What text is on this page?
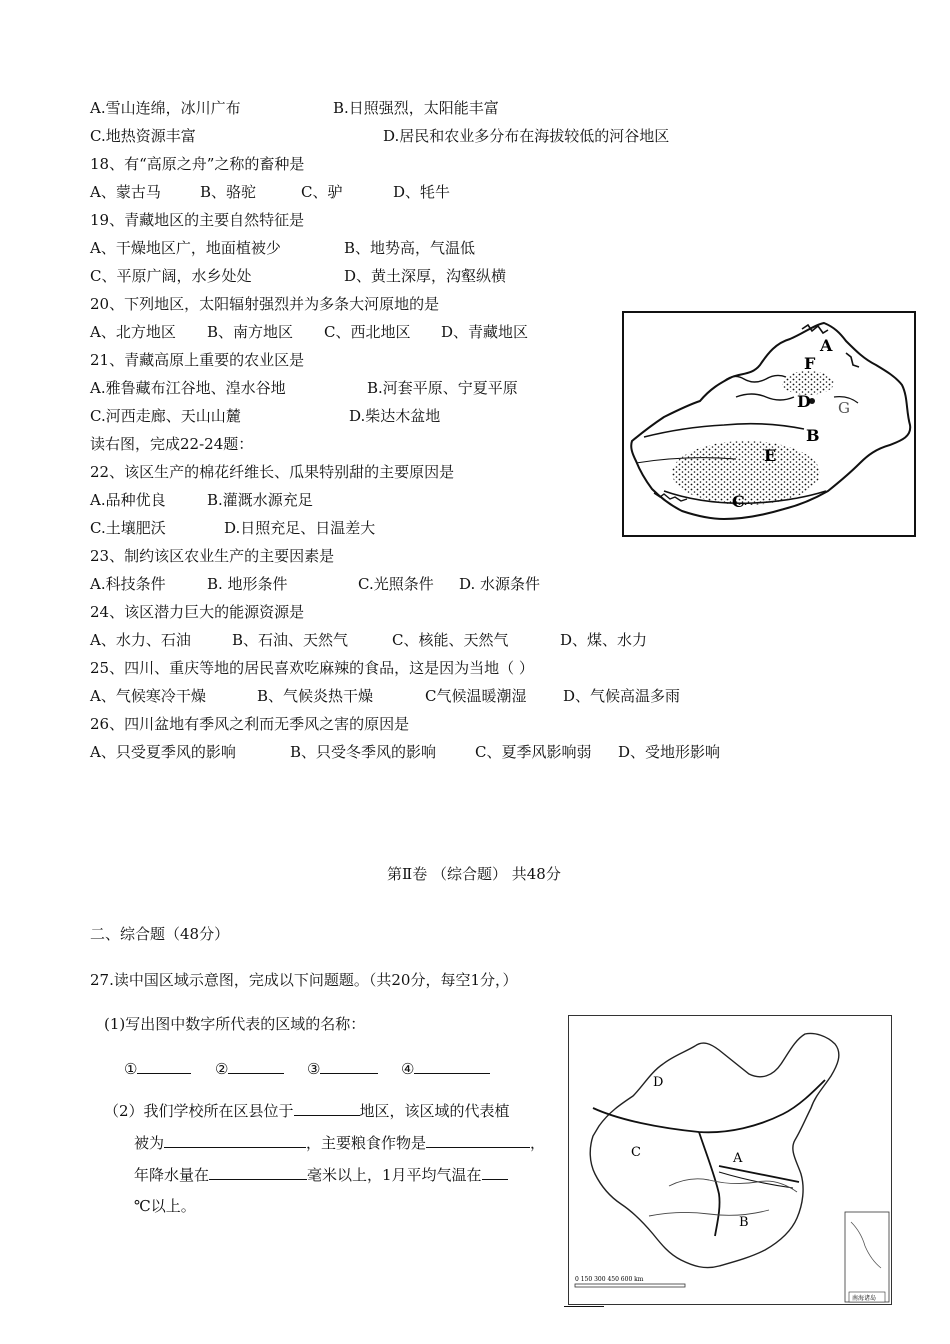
A.雪山连绵，冰川广布	B.日照强烈，太阳能丰富
C.地热资源丰富	D.居民和农业多分布在海拔较低的河谷地区
18、有“高原之舟”之称的畜种是
A、蒙古马	B、骆驼	C、驴	D、牦牛
19、青藏地区的主要自然特征是
A、干燥地区广，地面植被少	B、地势高，气温低
C、平原广阔，水乡处处	D、黄土深厚，沟壑纵横
20、下列地区，太阳辐射强烈并为多条大河原地的是
A、北方地区 B、南方地区 C、西北地区 D、青藏地区
21、青藏高原上重要的农业区是
A.雅鲁藏布江谷地、湟水谷地	B.河套平原、宁夏平原
C.河西走廊、天山山麓	D.柴达木盆地
读右图，完成22-24题：
22、该区生产的棉花纤维长、瓜果特别甜的主要原因是
A.品种优良	B.灌溉水源充足
C.土壤肥沃	D.日照充足、日温差大
23、制约该区农业生产的主要因素是
A.科技条件	B. 地形条件	C.光照条件 D. 水源条件
24、该区潜力巨大的能源资源是
A、水力、石油	B、石油、天然气	C、核能、天然气	D、煤、水力
25、四川、重庆等地的居民喜欢吃麻辣的食品，这是因为当地（ ）
A、气候寒冷干燥	B、气候炎热干燥	C气候温暖潮湿 D、气候高温多雨
26、四川盆地有季风之利而无季风之害的原因是
A、只受夏季风的影响	B、只受冬季风的影响	C、夏季风影响弱 D、受地形影响
第Ⅱ卷 （综合题） 共48分
二、综合题（48分）
27.读中国区域示意图，完成以下问题题。（共20分，每空1分，）
(1)写出图中数字所代表的区域的名称：
①	②	③	④
（2）我们学校所在区县位于	地区，该区域的代表植
被为	，主要粮食作物是	，
年降水量在	毫米以上，1月平均气温在
℃以上。
A
F
D G
B
E
C
D
C	A
B
0 150 300 450 600 km
南海诸岛
